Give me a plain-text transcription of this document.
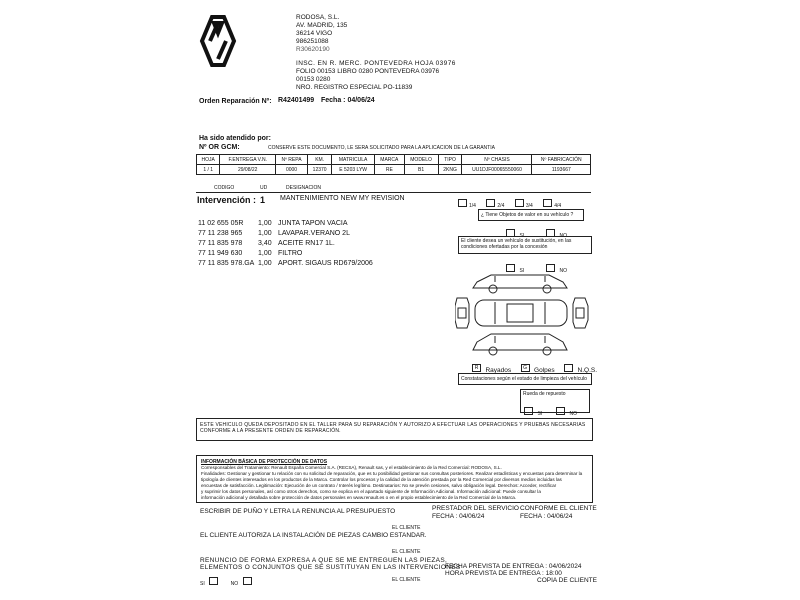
RODOSA, S.L.
AV. MADRID, 135
36214 VIGO
986251088
R30620190
INSC. EN R. MERC. PONTEVEDRA HOJA 03976
FOLIO 00153 LIBRO 0280 PONTEVEDRA 03976
00153 0280
NRO. REGISTRO ESPECIAL PO-11839
Orden Reparación Nº: R42401499 Fecha : 04/06/24
Ha sido atendido por:
Nº OR GCM:	CONSERVE ESTE DOCUMENTO, LE SERA SOLICITADO PARA LA APLICACION DE LA GARANTIA
HOJA	F.ENTREGA V.N.	Nº REPA	KM.	MATRICULA	MARCA	MODELO	TIPO	Nº CHASIS	Nº FABRICACIÓN
1 / 1	29/08/22	0000	12370	E 5203 LYW	RE	B1	2KNG	UU1DJF00065550060	1193667
CODIGO	UD	DESIGNACION
Intervención : 1 MANTENIMIENTO NEW MY REVISION
11 02 655 05R 1,00 JUNTA TAPON VACIA
77 11 238 965 1,00 LAVAPAR.VERANO 2L
77 11 835 978 3,40 ACEITE RN17 1L.
77 11 949 630 1,00 FILTRO
77 11 835 978.GA 1,00 APORT. SIGAUS RD679/2006
1/4	2/4	3/4	4/4
¿ Tiene Objetos de valor en su vehículo ?
SI	NO
El cliente desea un vehículo de sustitución, en las condiciones ofertadas por la concesión
SI	NO
R Rayados G Golpes	N.Q.S.
Constataciones según el estado de limpieza del vehículo
Rueda de repuesto
SI	NO
ESTE VEHICULO QUEDA DEPOSITADO EN EL TALLER PARA SU REPARACIÓN Y AUTORIZO A EFECTUAR LAS OPERACIONES Y PRUEBAS NECESARIAS CONFORME A LA PRESENTE ORDEN DE REPARACIÓN.
INFORMACIÓN BÁSICA DE PROTECCIÓN DE DATOS
Corresponsables del Tratamiento: Renault España Comercial S.A. (RECSA), Renault sas, y el establecimiento de la Red Comercial: RODOSA, S.L.
Finalidades: Gestionar y gestionar tu relación con su solicitud de reparación, que es tu posibilidad gestionar sus consultas posteriores. Realizar estadísticas y encuestas para determinar la
tipología de clientes interesados en los productos de la Marca. Controlar los procesos y la calidad de la atención prestada por la Red Comercial por diversos medios incluidas las
encuestas de satisfacción. Legitimación: Ejecución de un contrato / Interés legítimo. Destinatarios: No se prevén cesiones, salvo obligación legal. Derechos: Acceder, rectificar
y suprimir los datos personales, así como otros derechos, como se explica en el apartado siguiente de Información Adicional. Información adicional: Puede consultar la
información adicional y detallada sobre protección de datos personales en www.renault.es o en el propio establecimiento de la Red Comercial de la Marca.
ESCRIBIR DE PUÑO Y LETRA LA RENUNCIA AL PRESUPUESTO	PRESTADOR DEL SERVICIO
FECHA : 04/06/24
CONFORME EL CLIENTE
FECHA : 04/06/24
EL CLIENTE
EL CLIENTE AUTORIZA LA INSTALACIÓN DE PIEZAS CAMBIO ESTANDAR.
EL CLIENTE
RENUNCIO DE FORMA EXPRESA A QUE SE ME ENTREGUEN LAS PIEZAS,
ELEMENTOS O CONJUNTOS QUE SE SUSTITUYAN EN LAS INTERVENCIONES
SI	NO
EL CLIENTE
FECHA PREVISTA DE ENTREGA : 04/06/2024
HORA PREVISTA DE ENTREGA : 18:00
COPIA DE CLIENTE
